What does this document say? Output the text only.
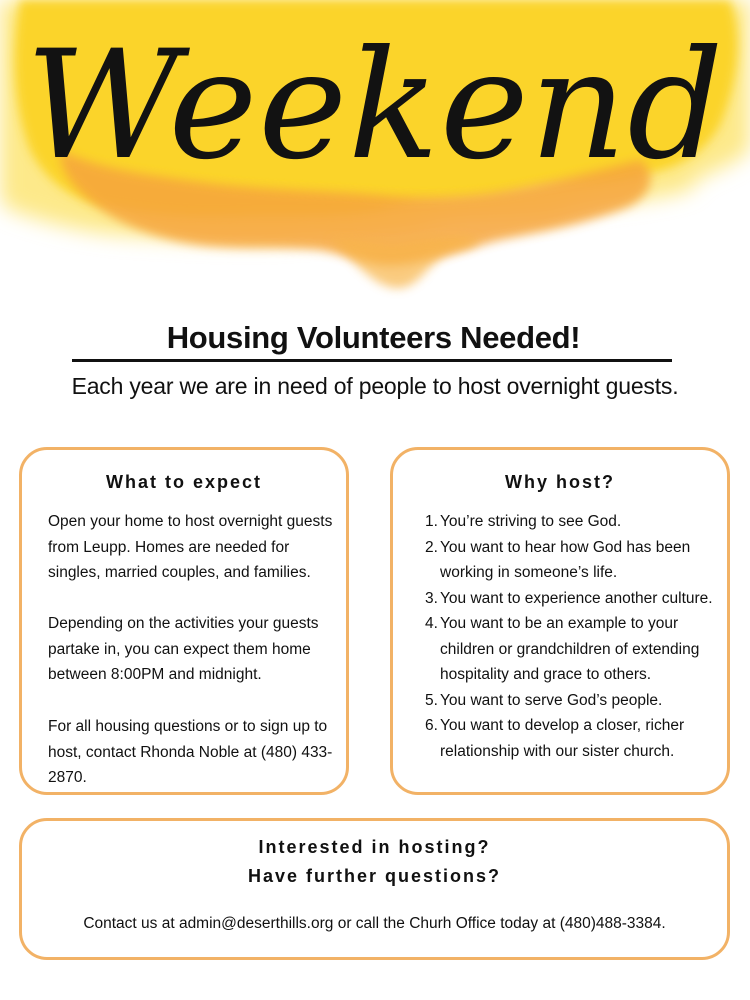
Weekend
Housing Volunteers Needed!
Each year we are in need of people to host overnight guests.
What to expect

Open your home to host overnight guests from Leupp. Homes are needed for singles, married couples, and families.

Depending on the activities your guests partake in, you can expect them home between 8:00PM and midnight.

For all housing questions or to sign up to host, contact Rhonda Noble at (480) 433-2870.

Why host?
1. You’re striving to see God.
2. You want to hear how God has been working in someone’s life.
3. You want to experience another culture.
4. You want to be an example to your children or grandchildren of extending hospitality and grace to others.
5. You want to serve God’s people.
6. You want to develop a closer, richer relationship with our sister church.
Interested in hosting?
Have further questions?
Contact us at admin@deserthills.org or call the Churh Office today at (480)488-3384.
